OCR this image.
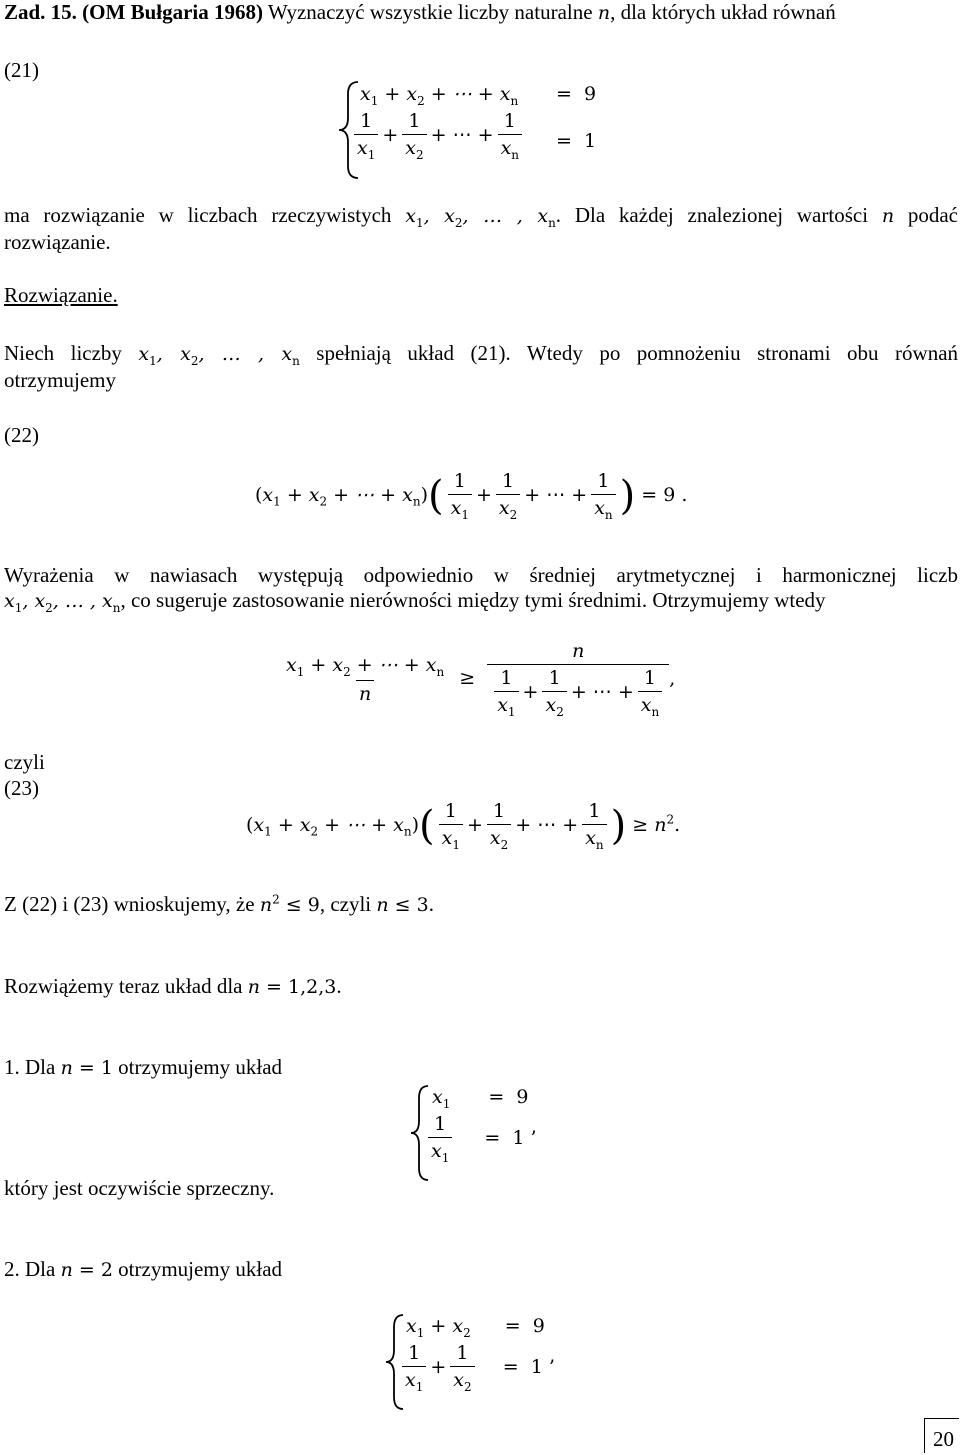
Zad. 15. (OM Bułgaria 1968) Wyznaczyć wszystkie liczby naturalne n, dla których układ równań
(21)
$x_1 + x_2$ + ⋯ + $x_n = 9$
$\frac{1}{x_1} + \frac{1}{x_2}$ + ⋯ + $\frac{1}{x_n} = 1$
ma rozwiązanie w liczbach rzeczywistych $x_1$, $x_2$, … , $x_n$. Dla każdej znalezionej wartości n podać
rozwiązanie.
Rozwiązanie.
Niech liczby $x_1$, $x_2$, … , $x_n$ spełniają układ (21). Wtedy po pomnożeniu stronami obu równań
otrzymujemy
(22)
($x_1 + x_2$ + ⋯ + $x_n)( \frac{1}{x_1} + \frac{1}{x_2}$ + ⋯ + $\frac{1}{x_n}$ ) = 9 .
Wyrażenia w nawiasach występują odpowiednio w średniej arytmetycznej i harmonicznej liczb
$x_1$, $x_2$, … , $x_n$, co sugeruje zastosowanie nierówności między tymi średnimi. Otrzymujemy wtedy
$\frac{x_1 + x_2 + \cdots + x_n}{n} \ge \frac{n}{\frac{1}{x_1} + \frac{1}{x_2} + \cdots + \frac{1}{x_n}}$ ,
czyli
(23)
($x_1 + x_2$ + ⋯ + $x_n)( \frac{1}{x_1} + \frac{1}{x_2}$ + ⋯ + $\frac{1}{x_n}$ ) ≥ $n^2$.
Z (22) i (23) wnioskujemy, że $n^2 \le 9$, czyli n ≤ 3.
Rozwiążemy teraz układ dla n = 1,2,3.
1. Dla n = 1 otrzymujemy układ
$x_1 = 9$
$\frac{1}{x_1} = 1$ ’
który jest oczywiście sprzeczny.
2. Dla n = 2 otrzymujemy układ
$x_1 + x_2 = 9$
$\frac{1}{x_1} + \frac{1}{x_2} = 1$ ’
20
